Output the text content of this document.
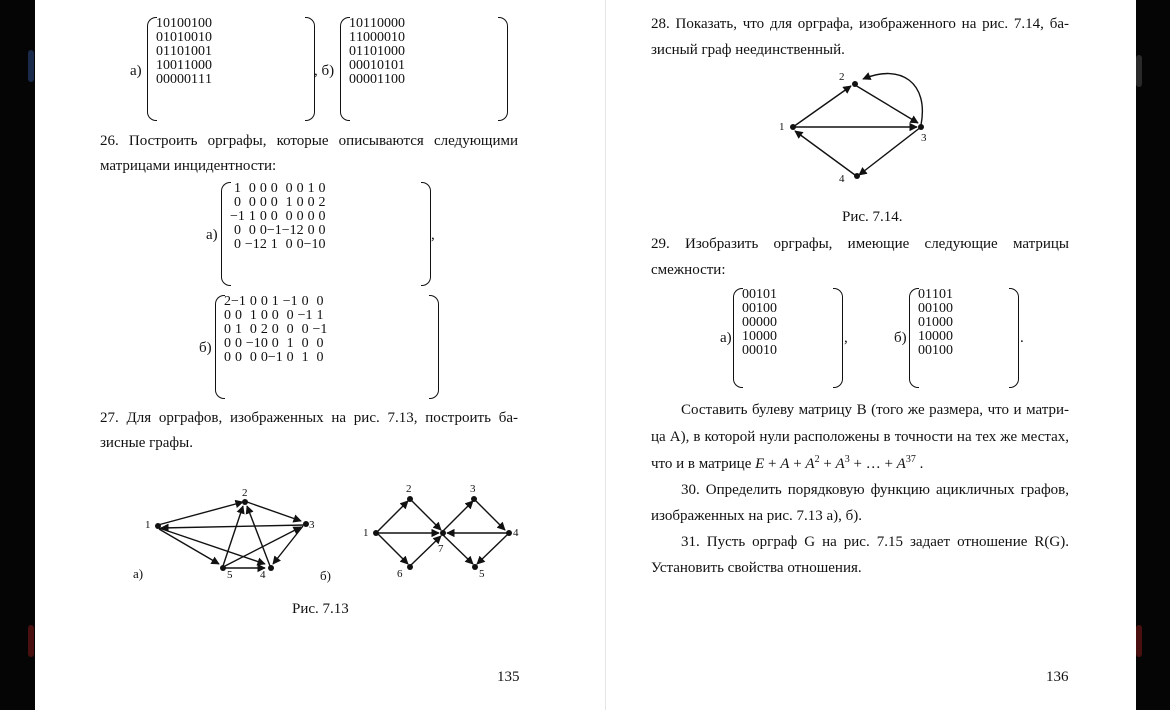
а)
1	0	1	0	0	1	0	0
0	1	0	1	0	0	1	0
0	1	1	0	1	0	0	1
1	0	0	1	1	0	0	0
0	0	0	0	0	1	1	1
, б)
1	0	1	1	0	0	0	0
1	1	0	0	0	0	1	0
0	1	1	0	1	0	0	0
0	0	0	1	0	1	0	1
0	0	0	0	1	1	0	0
26. Построить орграфы, которые описываются следующими
матрицами инцидентности:
а)
1	0	0	0	0	0	1	0
0	0	0	0	1	0	0	2
−1	1	0	0	0	0	0	0
0	0	0	−1	−1	2	0	0
0	−1	2	1	0	0	−1	0
,
б)
2	−1	0	0	1	−1	0	0
0	0	1	0	0	0	−1	1
0	1	0	2	0	0	0	−1
0	0	−1	0	0	1	0	0
0	0	0	0	−1	0	1	0
27. Для орграфов, изображенных на рис. 7.13, построить ба-
зисные графы.
1
2
3
4
5
1
2	3
4
5
6
7
а)	б)
Рис. 7.13
135
28. Показать, что для орграфа, изображенного на рис. 7.14, ба-
зисный граф неединственный.
1
2
3
4
Рис. 7.14.
29. Изобразить орграфы, имеющие следующие матрицы
смежности:
а)
0	0	1	0	1
0	0	1	0	0
0	0	0	0	0
1	0	0	0	0
0	0	0	1	0
,	б)
0	1	1	0	1
0	0	1	0	0
0	1	0	0	0
1	0	0	0	0
0	0	1	0	0
.
Составить булеву матрицу B (того же размера, что и матри-
ца A), в которой нули расположены в точности на тех же местах,
что и в матрице $E + A + A^2 + A^3$ + … + $A^{37}$ .
30. Определить порядковую функцию ацикличных графов,
изображенных на рис. 7.13 а), б).
31. Пусть орграф G на рис. 7.15 задает отношение R(G).
Установить свойства отношения.
136
